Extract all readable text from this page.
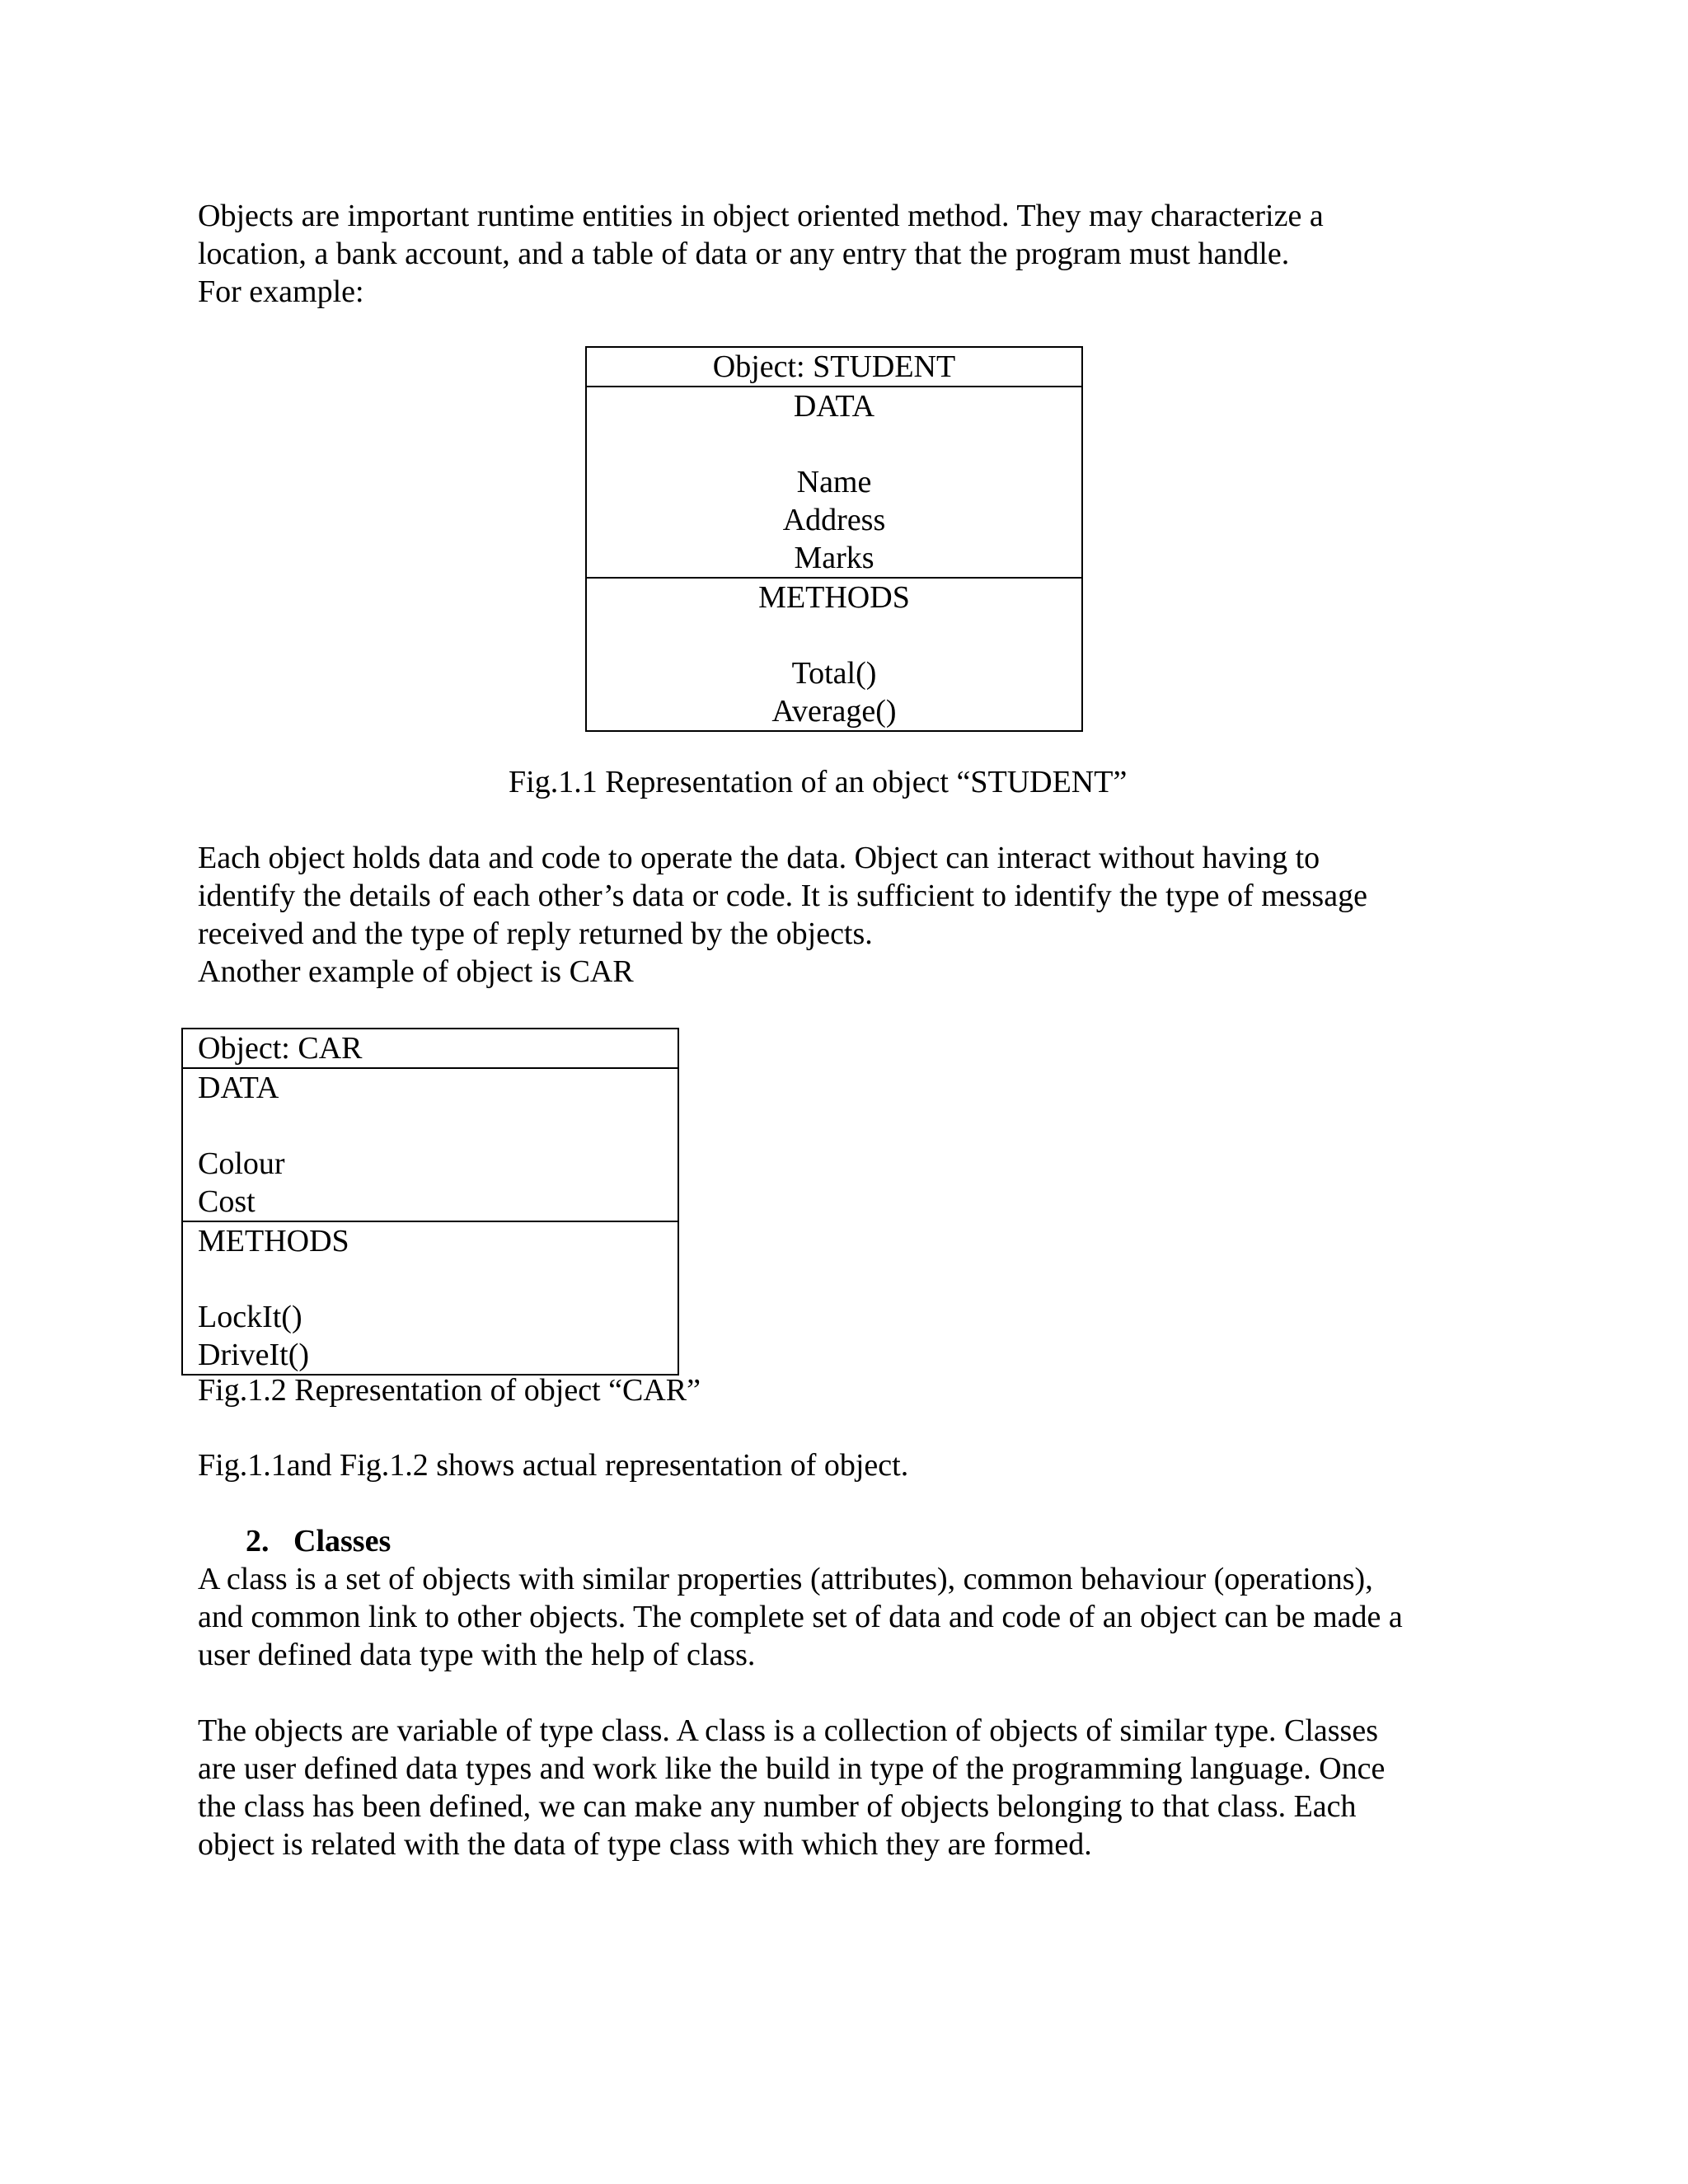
Objects are important runtime entities in object oriented method. They may characterize a
location, a bank account, and a table of data or any entry that the program must handle.
For example:
Object: STUDENT
DATA
Name
Address
Marks
METHODS
Total()
Average()
Fig.1.1 Representation of an object “STUDENT”
Each object holds data and code to operate the data. Object can interact without having to
identify the details of each other’s data or code. It is sufficient to identify the type of message
received and the type of reply returned by the objects.
Another example of object is CAR
Object: CAR
DATA
Colour
Cost
METHODS
LockIt()
DriveIt()
Fig.1.2 Representation of object “CAR”
Fig.1.1and Fig.1.2 shows actual representation of object.
2. Classes
A class is a set of objects with similar properties (attributes), common behaviour (operations),
and common link to other objects. The complete set of data and code of an object can be made a
user defined data type with the help of class.
The objects are variable of type class. A class is a collection of objects of similar type. Classes
are user defined data types and work like the build in type of the programming language. Once
the class has been defined, we can make any number of objects belonging to that class. Each
object is related with the data of type class with which they are formed.
